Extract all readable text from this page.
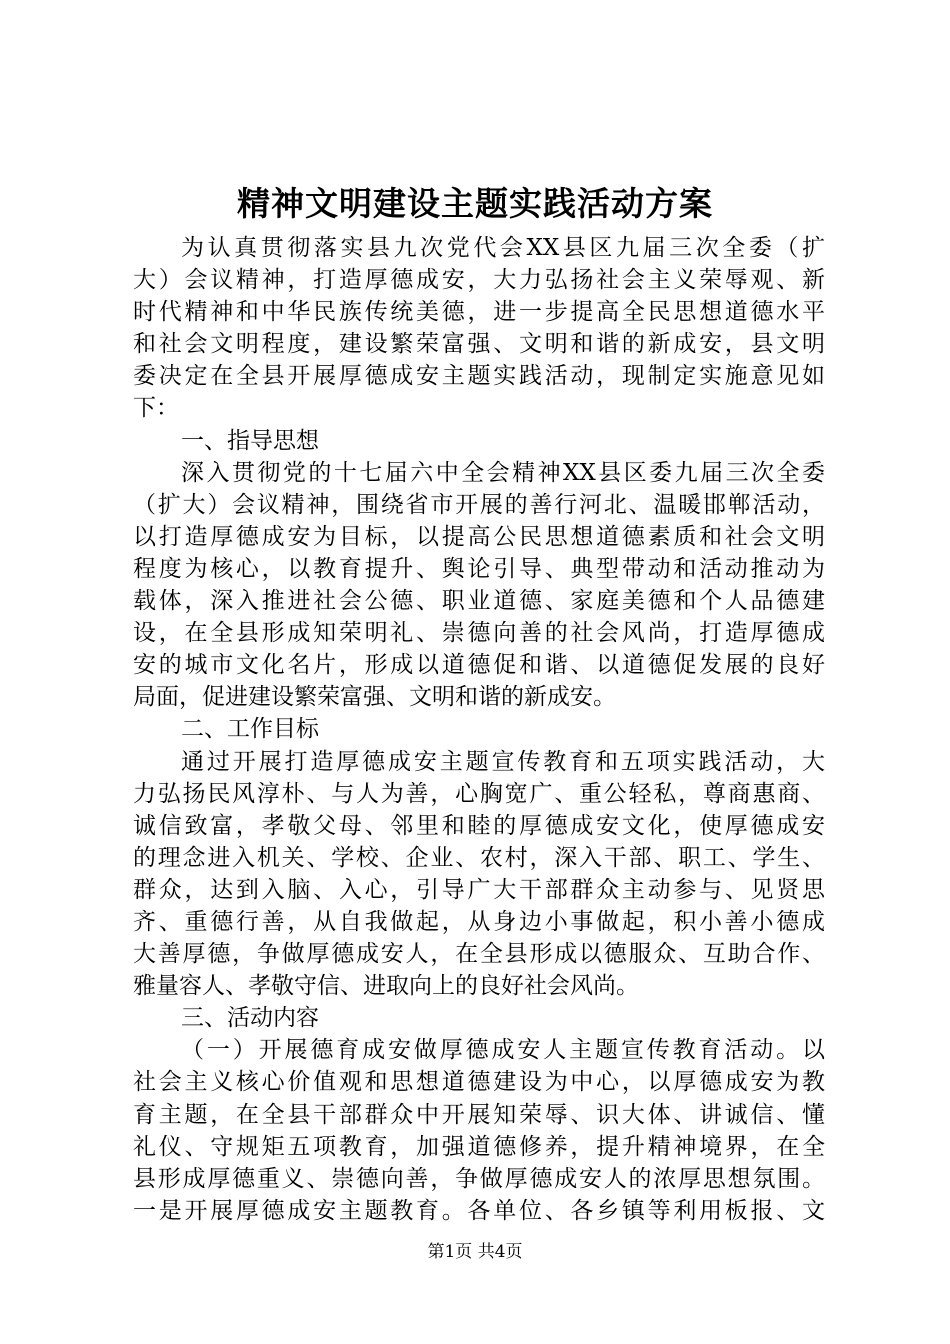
精神文明建设主题实践活动方案
为认真贯彻落实县九次党代会XX县区九届三次全委（扩
大）会议精神，打造厚德成安，大力弘扬社会主义荣辱观、新
时代精神和中华民族传统美德，进一步提高全民思想道德水平
和社会文明程度，建设繁荣富强、文明和谐的新成安，县文明
委决定在全县开展厚德成安主题实践活动，现制定实施意见如
下：
一、指导思想
深入贯彻党的十七届六中全会精神XX县区委九届三次全委
（扩大）会议精神，围绕省市开展的善行河北、温暖邯郸活动，
以打造厚德成安为目标，以提高公民思想道德素质和社会文明
程度为核心，以教育提升、舆论引导、典型带动和活动推动为
载体，深入推进社会公德、职业道德、家庭美德和个人品德建
设，在全县形成知荣明礼、崇德向善的社会风尚，打造厚德成
安的城市文化名片，形成以道德促和谐、以道德促发展的良好
局面，促进建设繁荣富强、文明和谐的新成安。
二、工作目标
通过开展打造厚德成安主题宣传教育和五项实践活动，大
力弘扬民风淳朴、与人为善，心胸宽广、重公轻私，尊商惠商、
诚信致富，孝敬父母、邻里和睦的厚德成安文化，使厚德成安
的理念进入机关、学校、企业、农村，深入干部、职工、学生、
群众，达到入脑、入心，引导广大干部群众主动参与、见贤思
齐、重德行善，从自我做起，从身边小事做起，积小善小德成
大善厚德，争做厚德成安人，在全县形成以德服众、互助合作、
雅量容人、孝敬守信、进取向上的良好社会风尚。
三、活动内容
（一）开展德育成安做厚德成安人主题宣传教育活动。以
社会主义核心价值观和思想道德建设为中心，以厚德成安为教
育主题，在全县干部群众中开展知荣辱、识大体、讲诚信、懂
礼仪、守规矩五项教育，加强道德修养，提升精神境界，在全
县形成厚德重义、崇德向善，争做厚德成安人的浓厚思想氛围。
一是开展厚德成安主题教育。各单位、各乡镇等利用板报、文
第1页 共4页
